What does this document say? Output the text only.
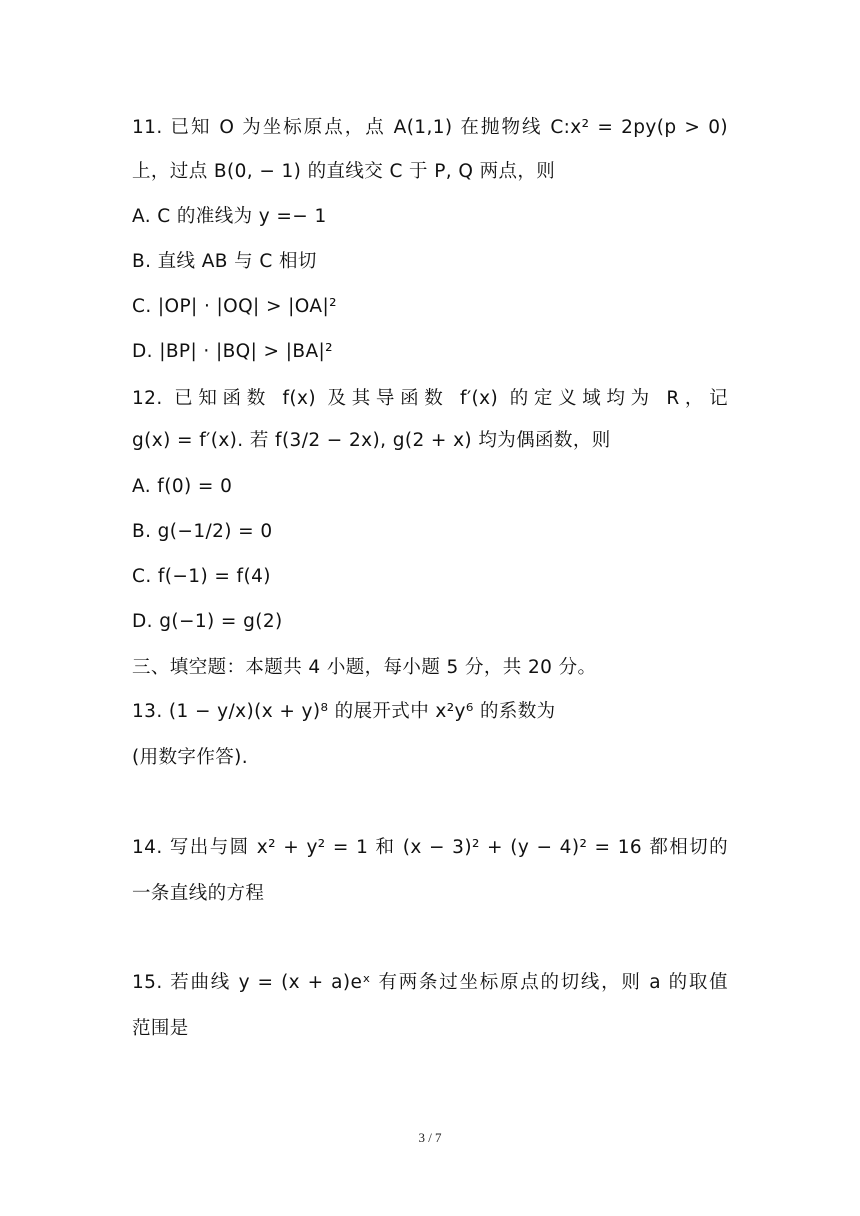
11. 已知 O 为坐标原点，点 A(1,1) 在抛物线 C:x² = 2py(p > 0)
上，过点 B(0, − 1) 的直线交 C 于 P, Q 两点，则
A. C 的准线为 y =− 1
B. 直线 AB 与 C 相切
C. |OP| · |OQ| > |OA|²
D. |BP| · |BQ| > |BA|²
12. 已知函数 f(x) 及其导函数 f′(x) 的定义域均为 R，记
g(x) = f′(x). 若 f(3/2 − 2x), g(2 + x) 均为偶函数，则
A. f(0) = 0
B. g(−1/2) = 0
C. f(−1) = f(4)
D. g(−1) = g(2)
三、填空题：本题共 4 小题，每小题 5 分，共 20 分。
13. (1 − y/x)(x + y)⁸ 的展开式中 x²y⁶ 的系数为
(用数字作答).
14. 写出与圆 x² + y² = 1 和 (x − 3)² + (y − 4)² = 16 都相切的
一条直线的方程
15. 若曲线 y = (x + a)eˣ 有两条过坐标原点的切线，则 a 的取值
范围是
3 / 7
